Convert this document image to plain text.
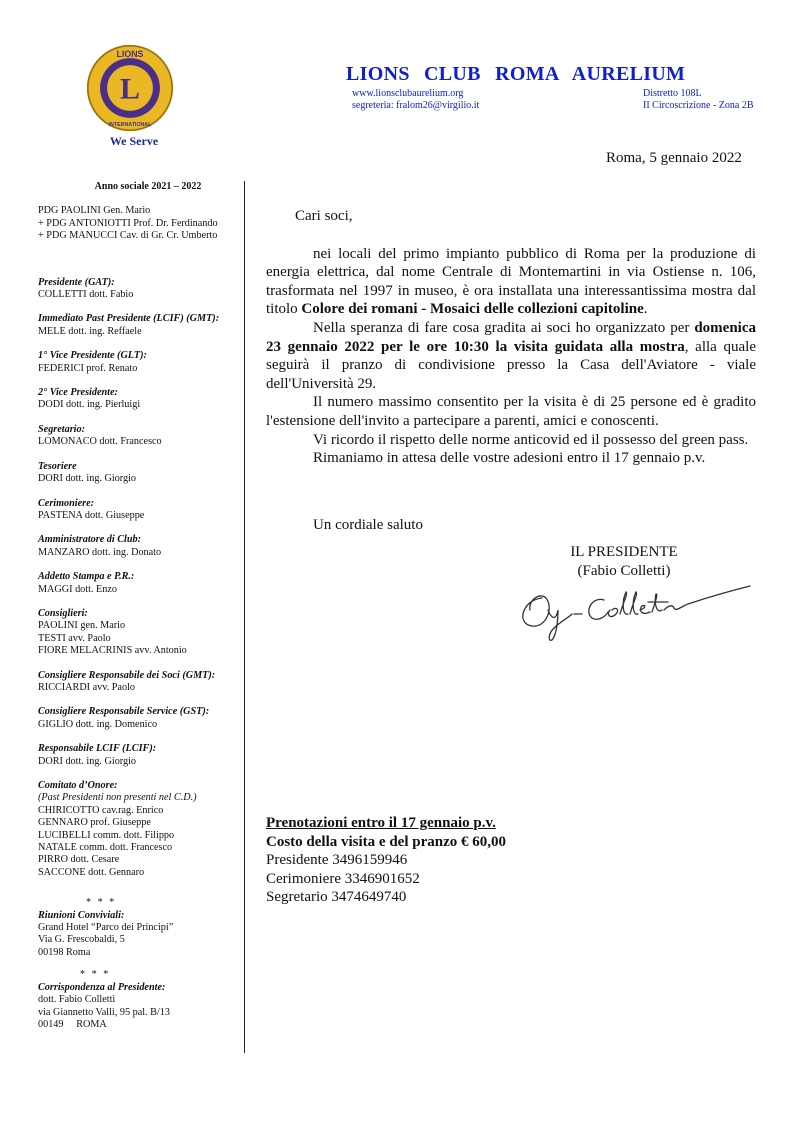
L
LIONS
INTERNATIONAL
We Serve
LIONS CLUB ROMA AURELIUM
www.lionsclubaurelium.org
segreteria: fralom26@virgilio.it
Distretto 108L
II Circoscrizione - Zona 2B
Roma, 5 gennaio 2022
Anno sociale 2021 – 2022
PDG PAOLINI Gen. Mario
+ PDG ANTONIOTTI Prof. Dr. Ferdinando
+ PDG MANUCCI Cav. di Gr. Cr. Umberto
Presidente (GAT):
COLLETTI dott. Fabio
Immediato Past Presidente (LCIF) (GMT):
MELE dott. ing. Reffaele
1° Vice Presidente (GLT):
FEDERICI prof. Renato
2° Vice Presidente:
DODI dott. ing. Pierluigi
Segretario:
LOMONACO dott. Francesco
Tesoriere
DORI dott. ing. Giorgio
Cerimoniere:
PASTENA dott. Giuseppe
Amministratore di Club:
MANZARO dott. ing. Donato
Addetto Stampa e P.R.:
MAGGI dott. Enzo
Consiglieri:
PAOLINI gen. Mario
TESTI avv. Paolo
FIORE MELACRINIS avv. Antonio
Consigliere Responsabile dei Soci (GMT):
RICCIARDI avv. Paolo
Consigliere Responsabile Service (GST):
GIGLIO dott. ing. Domenico
Responsabile LCIF (LCIF):
DORI dott. ing. Giorgio
Comitato d’Onore:
(Past Presidenti non presenti nel C.D.)
CHIRICOTTO cav.rag. Enrico
GENNARO prof. Giuseppe
LUCIBELLI comm. dott. Filippo
NATALE comm. dott. Francesco
PIRRO dott. Cesare
SACCONE dott. Gennaro
* * *
Riunioni Conviviali:
Grand Hotel “Parco dei Principi”
Via G. Frescobaldi, 5
00198 Roma
* * *
Corrispondenza al Presidente:
dott. Fabio Colletti
via Giannetto Valli, 95 pal. B/13
00149     ROMA

Cari soci,

nei locali del primo impianto pubblico di Roma per la produzione di energia elettrica, dal nome Centrale di Montemartini in via Ostiense n. 106, trasformata nel 1997 in museo, è ora installata una interessantissima mostra dal titolo Colore dei romani - Mosaici delle collezioni capitoline.

Nella speranza di fare cosa gradita ai soci ho organizzato per domenica 23 gennaio 2022 per le ore 10:30 la visita guidata alla mostra, alla quale seguirà il pranzo di condivisione presso la Casa dell'Aviatore - viale dell'Università 29.

Il numero massimo consentito per la visita è di 25 persone ed è gradito l'estensione dell'invito a partecipare a parenti, amici e conoscenti.

Vi ricordo il rispetto delle norme anticovid ed il possesso del green pass.

Rimaniamo in attesa delle vostre adesioni entro il 17 gennaio p.v.

Un cordiale saluto

IL PRESIDENTE
(Fabio Colletti)
Prenotazioni entro il 17 gennaio p.v.
Costo della visita e del pranzo € 60,00
Presidente 3496159946
Cerimoniere 3346901652
Segretario 3474649740
